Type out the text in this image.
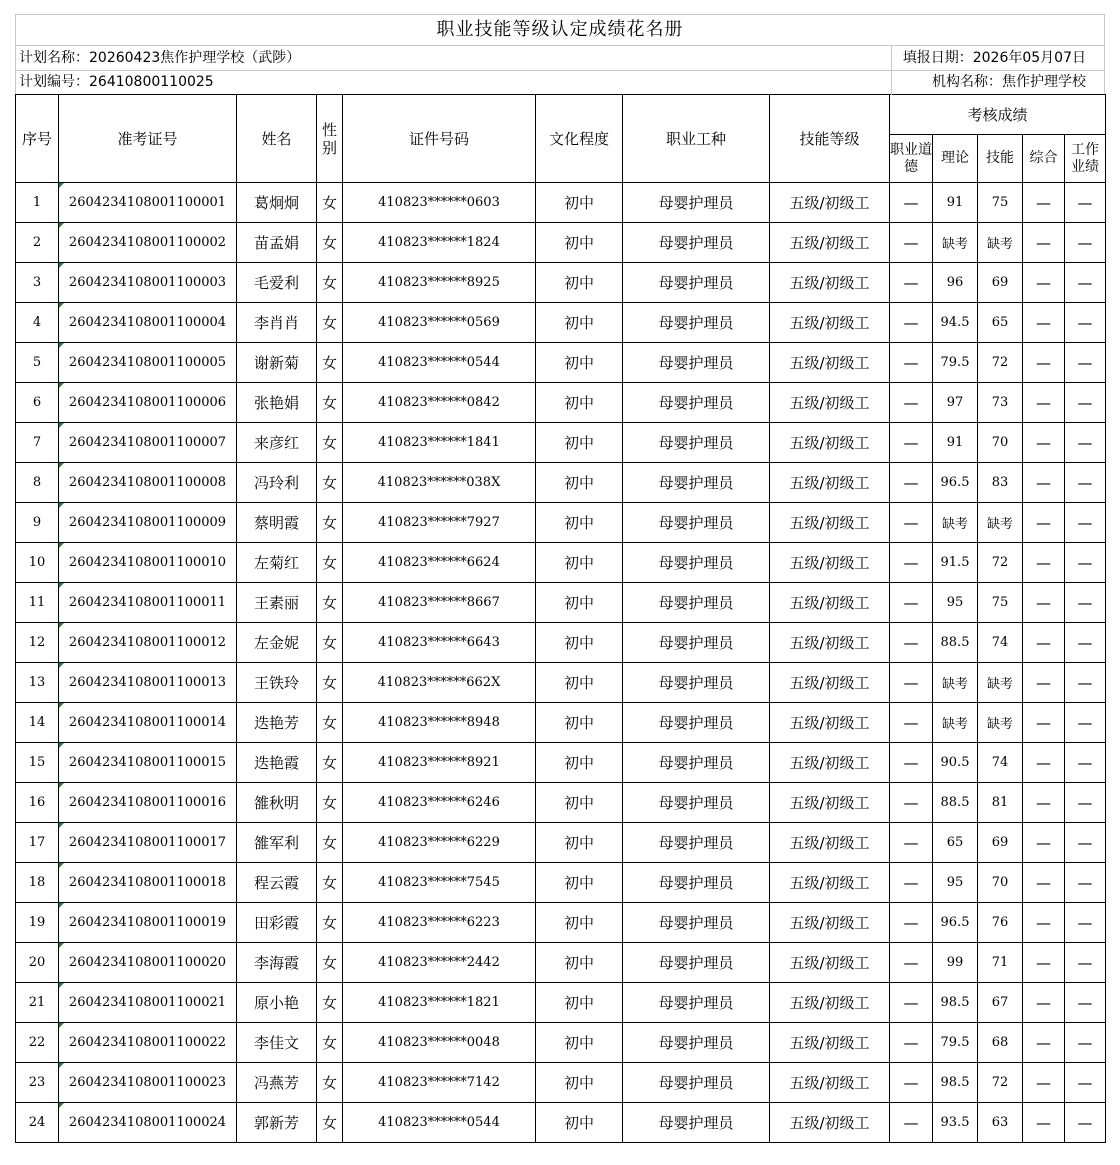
职业技能等级认定成绩花名册
计划名称：20260423焦作护理学校（武陟）	填报日期：2026年05月07日
计划编号：26410800110025	机构名称：焦作护理学校
序号	准考证号	姓名	性别	证件号码	文化程度	职业工种	技能等级	考核成绩				
								职业道德	理论	技能	综合	工作业绩
1	2604234108001100001	葛炯炯	女	410823******0603	初中	母婴护理员	五级/初级工	—	91	75	—	—
2	2604234108001100002	苗孟娟	女	410823******1824	初中	母婴护理员	五级/初级工	—	缺考	缺考	—	—
3	2604234108001100003	毛爱利	女	410823******8925	初中	母婴护理员	五级/初级工	—	96	69	—	—
4	2604234108001100004	李肖肖	女	410823******0569	初中	母婴护理员	五级/初级工	—	94.5	65	—	—
5	2604234108001100005	谢新菊	女	410823******0544	初中	母婴护理员	五级/初级工	—	79.5	72	—	—
6	2604234108001100006	张艳娟	女	410823******0842	初中	母婴护理员	五级/初级工	—	97	73	—	—
7	2604234108001100007	来彦红	女	410823******1841	初中	母婴护理员	五级/初级工	—	91	70	—	—
8	2604234108001100008	冯玲利	女	410823******038X	初中	母婴护理员	五级/初级工	—	96.5	83	—	—
9	2604234108001100009	蔡明霞	女	410823******7927	初中	母婴护理员	五级/初级工	—	缺考	缺考	—	—
10	2604234108001100010	左菊红	女	410823******6624	初中	母婴护理员	五级/初级工	—	91.5	72	—	—
11	2604234108001100011	王素丽	女	410823******8667	初中	母婴护理员	五级/初级工	—	95	75	—	—
12	2604234108001100012	左金妮	女	410823******6643	初中	母婴护理员	五级/初级工	—	88.5	74	—	—
13	2604234108001100013	王铁玲	女	410823******662X	初中	母婴护理员	五级/初级工	—	缺考	缺考	—	—
14	2604234108001100014	迭艳芳	女	410823******8948	初中	母婴护理员	五级/初级工	—	缺考	缺考	—	—
15	2604234108001100015	迭艳霞	女	410823******8921	初中	母婴护理员	五级/初级工	—	90.5	74	—	—
16	2604234108001100016	雒秋明	女	410823******6246	初中	母婴护理员	五级/初级工	—	88.5	81	—	—
17	2604234108001100017	雒军利	女	410823******6229	初中	母婴护理员	五级/初级工	—	65	69	—	—
18	2604234108001100018	程云霞	女	410823******7545	初中	母婴护理员	五级/初级工	—	95	70	—	—
19	2604234108001100019	田彩霞	女	410823******6223	初中	母婴护理员	五级/初级工	—	96.5	76	—	—
20	2604234108001100020	李海霞	女	410823******2442	初中	母婴护理员	五级/初级工	—	99	71	—	—
21	2604234108001100021	原小艳	女	410823******1821	初中	母婴护理员	五级/初级工	—	98.5	67	—	—
22	2604234108001100022	李佳文	女	410823******0048	初中	母婴护理员	五级/初级工	—	79.5	68	—	—
23	2604234108001100023	冯燕芳	女	410823******7142	初中	母婴护理员	五级/初级工	—	98.5	72	—	—
24	2604234108001100024	郭新芳	女	410823******0544	初中	母婴护理员	五级/初级工	—	93.5	63	—	—
